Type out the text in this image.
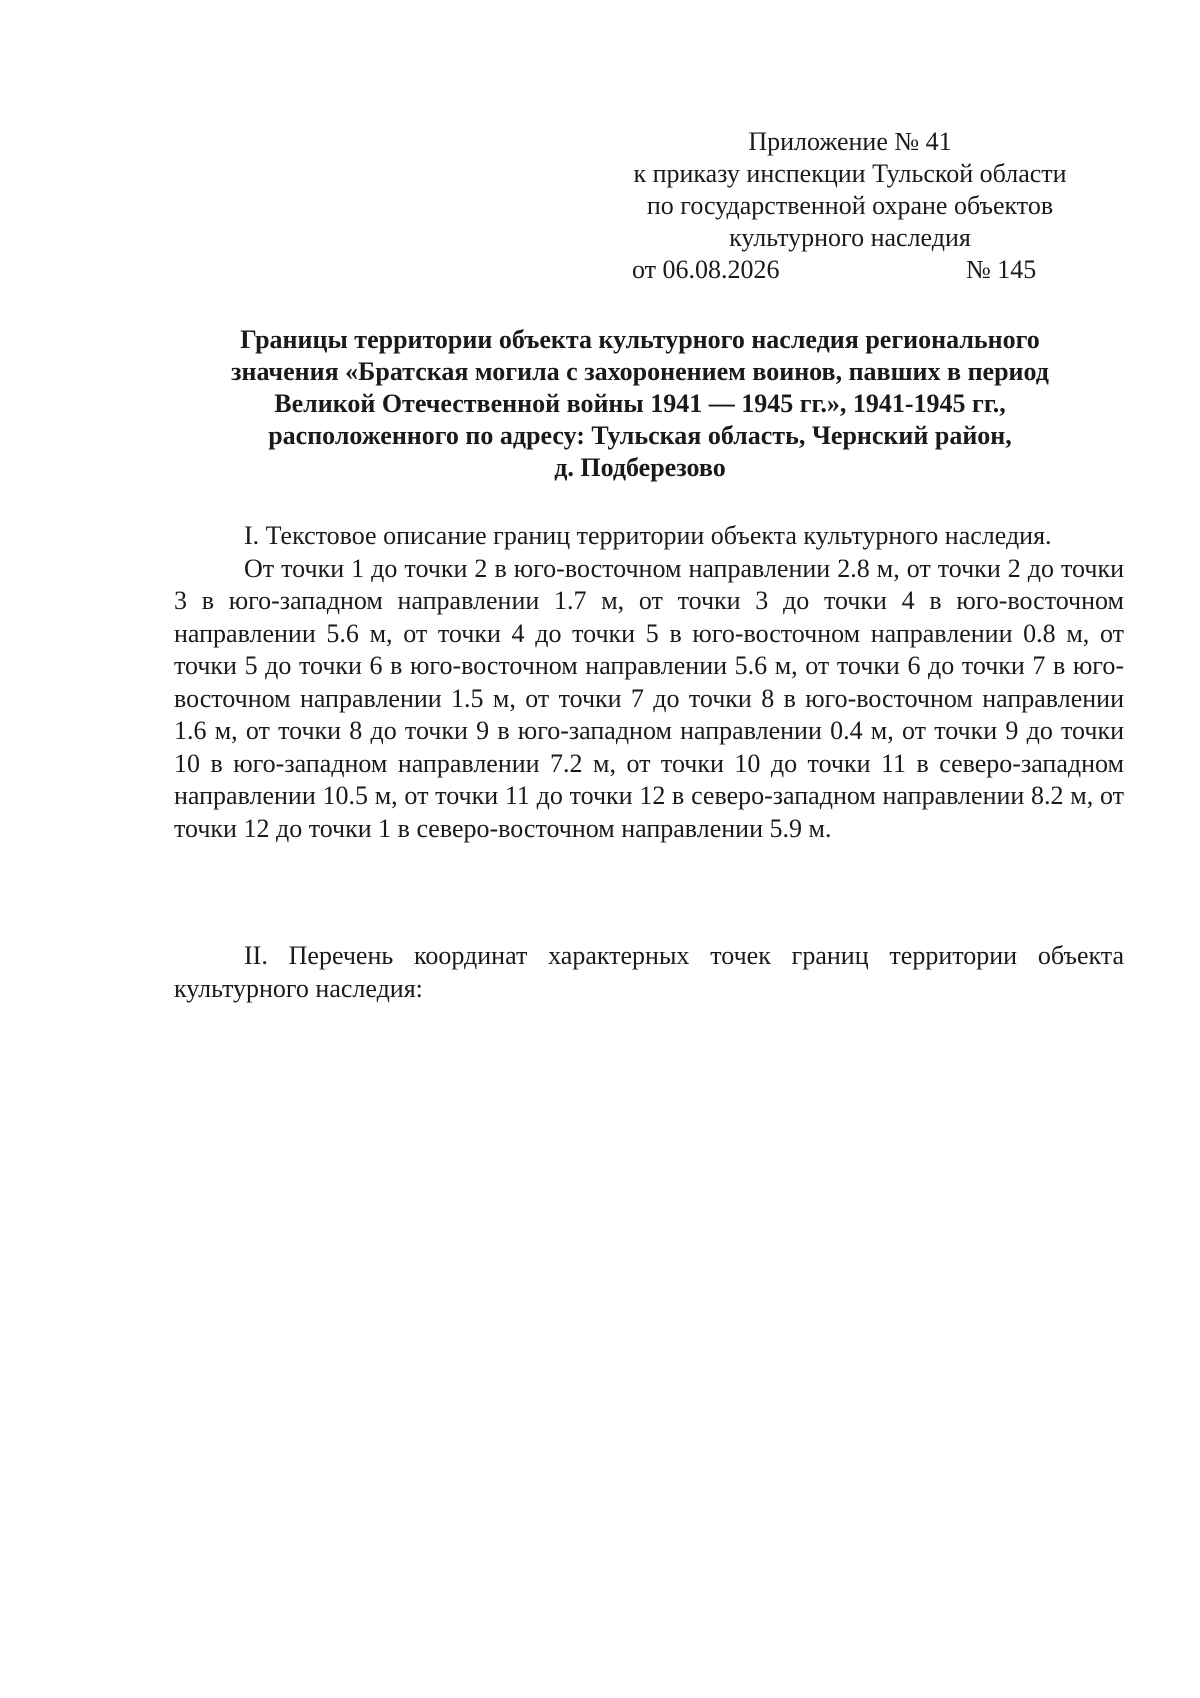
Приложение № 41
к приказу инспекции Тульской области
по государственной охране объектов
культурного наследия
от 06.08.2026	№ 145
Границы территории объекта культурного наследия регионального
значения «Братская могила с захоронением воинов, павших в период
Великой Отечественной войны 1941 — 1945 гг.», 1941-1945 гг.,
расположенного по адресу: Тульская область, Чернский район,
д. Подберезово

I. Текстовое описание границ территории объекта культурного наследия.

От точки 1 до точки 2 в юго-восточном направлении 2.8 м, от точки 2 до точки 3 в юго-западном направлении 1.7 м, от точки 3 до точки 4 в юго-восточном направлении 5.6 м, от точки 4 до точки 5 в юго-восточном направлении 0.8 м, от точки 5 до точки 6 в юго-восточном направлении 5.6 м, от точки 6 до точки 7 в юго-восточном направлении 1.5 м, от точки 7 до точки 8 в юго-восточном направлении 1.6 м, от точки 8 до точки 9 в юго-западном направлении 0.4 м, от точки 9 до точки 10 в юго-западном направлении 7.2 м, от точки 10 до точки 11 в северо-западном направлении 10.5 м, от точки 11 до точки 12 в северо-западном направлении 8.2 м, от точки 12 до точки 1 в северо-восточном направлении 5.9 м.

II. Перечень координат характерных точек границ территории объекта культурного наследия:
